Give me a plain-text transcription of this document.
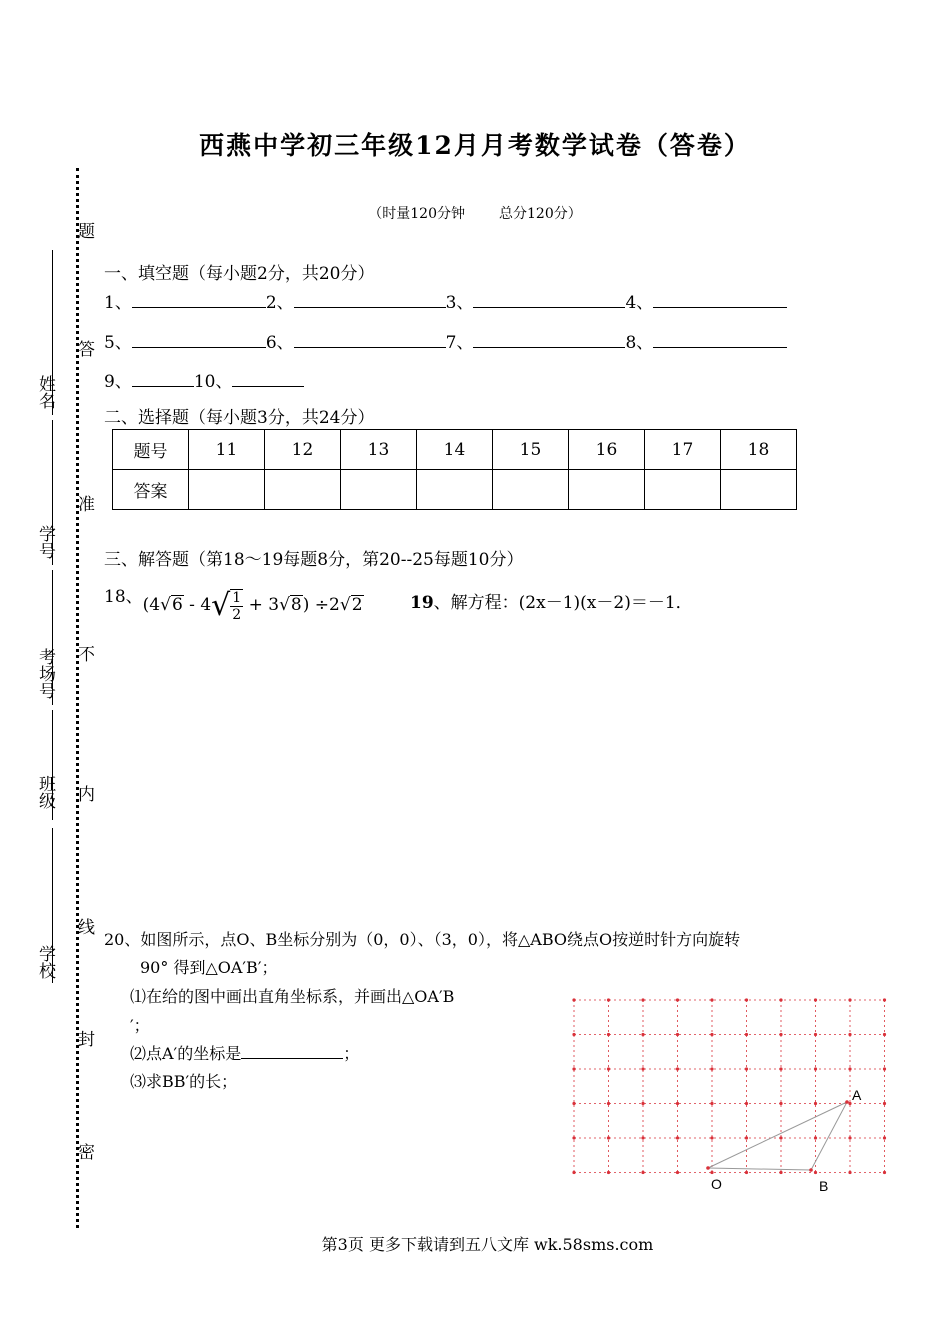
西燕中学初三年级12月月考数学试卷（答卷）
（时量120分钟 总分120分）
题
答
准
不
内
线
封
密
姓名
学号
考场号
班级
学校
一、填空题（每小题2分，共20分）
1、	2、	3、	4、
5、	6、	7、	8、
9、	10、
二、选择题（每小题3分，共24分）
题号	11	12	13	14	15	16	17	18
答案								
三、解答题（第18～19每题8分，第20--25每题10分）
18、$(4√6 - 4√ \frac{1}{2} + 3√8) \div 2√2$	19、解方程：(2x－1)(x－2)＝－1．
20、如图所示，点O、B坐标分别为（0，0）、（3，0），将△ABO绕点O按逆时针方向旋转
90° 得到△OA′B′；
⑴在给的图中画出直角坐标系，并画出△OA′B
′；
⑵点A′的坐标是	；
⑶求BB′的长；
A
O	B
第3页 更多下载请到五八文库 wk.58sms.com
